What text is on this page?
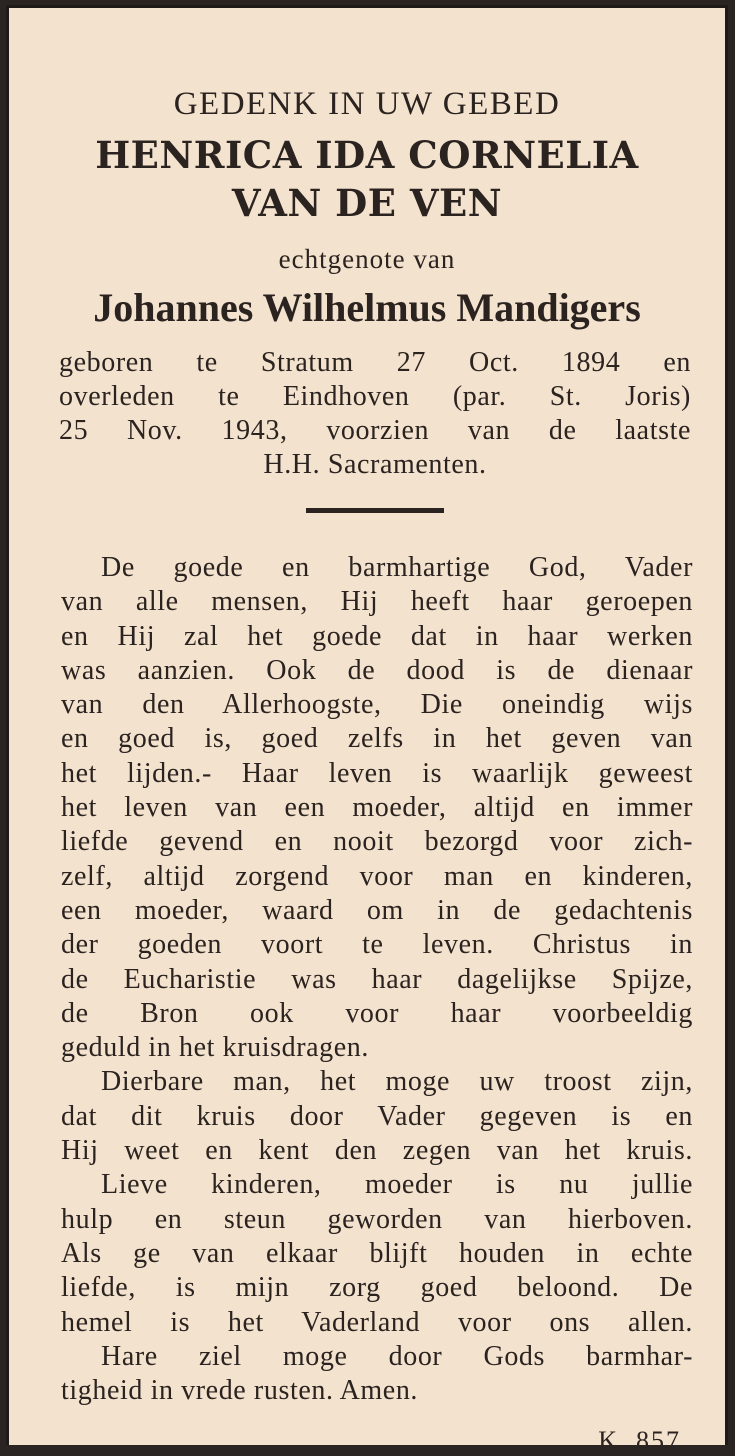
GEDENK IN UW GEBED
HENRICA IDA CORNELIA
VAN DE VEN
echtgenote van
Johannes Wilhelmus Mandigers
geboren te Stratum 27 Oct. 1894 en
overleden te Eindhoven (par. St. Joris)
25 Nov. 1943, voorzien van de laatste
H.H. Sacramenten.
De goede en barmhartige God, Vader
van alle mensen, Hij heeft haar geroepen
en Hij zal het goede dat in haar werken
was aanzien. Ook de dood is de dienaar
van den Allerhoogste, Die oneindig wijs
en goed is, goed zelfs in het geven van
het lijden.- Haar leven is waarlijk geweest
het leven van een moeder, altijd en immer
liefde gevend en nooit bezorgd voor zich-
zelf, altijd zorgend voor man en kinderen,
een moeder, waard om in de gedachtenis
der goeden voort te leven. Christus in
de Eucharistie was haar dagelijkse Spijze,
de Bron ook voor haar voorbeeldig
geduld in het kruisdragen.
Dierbare man, het moge uw troost zijn,
dat dit kruis door Vader gegeven is en
Hij weet en kent den zegen van het kruis.
Lieve kinderen, moeder is nu jullie
hulp en steun geworden van hierboven.
Als ge van elkaar blijft houden in echte
liefde, is mijn zorg goed beloond. De
hemel is het Vaderland voor ons allen.
Hare ziel moge door Gods barmhar-
tigheid in vrede rusten. Amen.
K. 857
